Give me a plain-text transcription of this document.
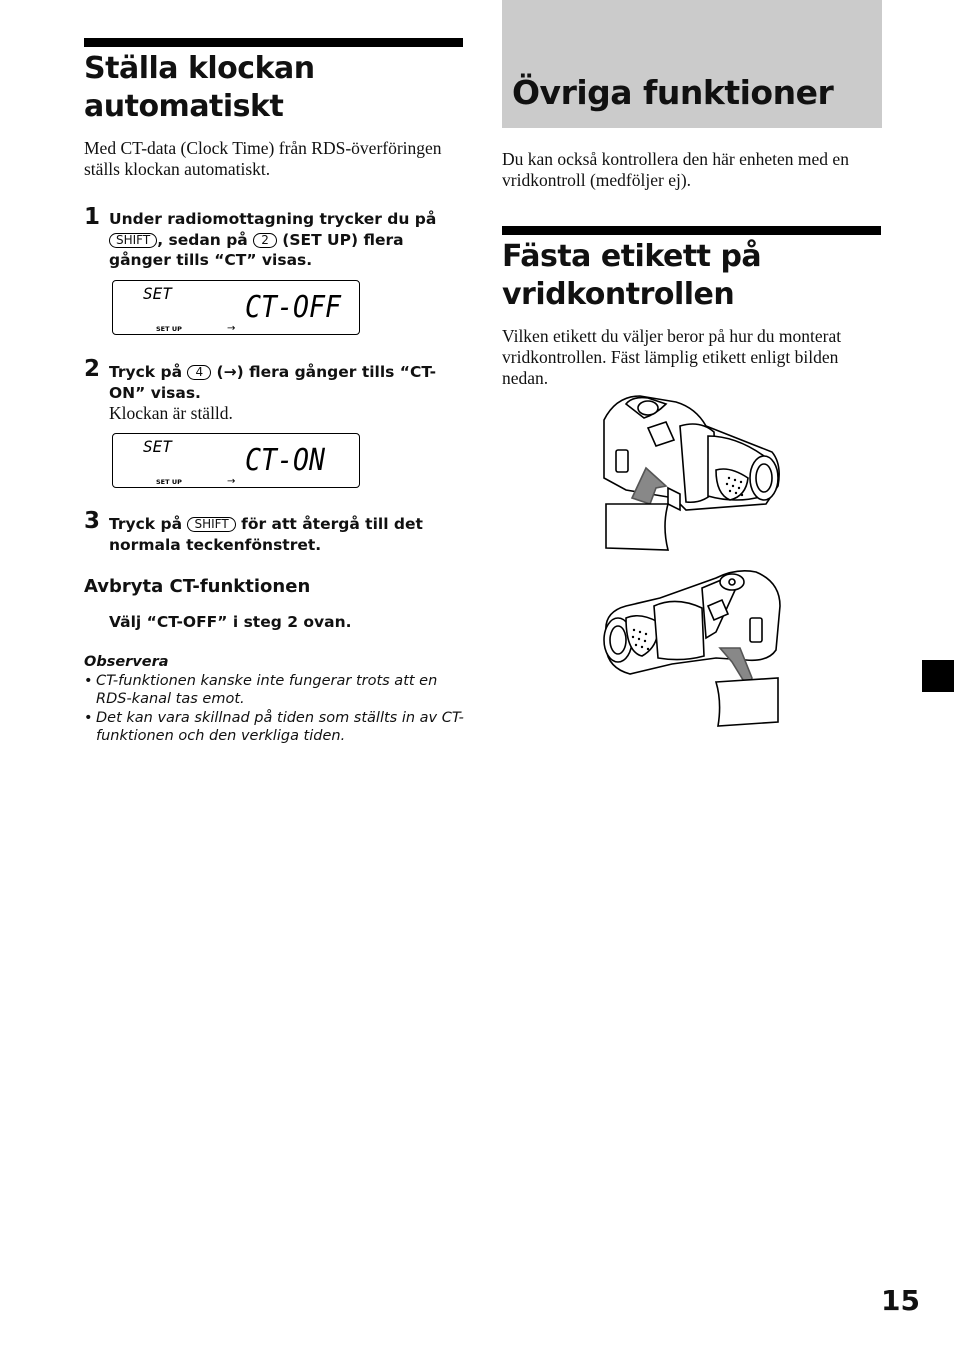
Ställa klockan automatiskt
Med CT-data (Clock Time) från RDS-överföringen ställs klockan automatiskt.
1 Under radiomottagning trycker du på
SHIFT , sedan på 2 (SET UP) flera gånger tills “CT” visas.
SET CT-OFF
SET UP	→
2 Tryck på 4 (→) flera gånger tills “CT-ON” visas.
Klockan är ställd.
SET CT-ON
SET UP	→
3 Tryck på SHIFT för att återgå till det normala teckenfönstret.
Avbryta CT-funktionen
Välj “CT-OFF” i steg 2 ovan.
Observera
• CT-funktionen kanske inte fungerar trots att en RDS-kanal tas emot.
• Det kan vara skillnad på tiden som ställts in av CT-funktionen och den verkliga tiden.
Övriga funktioner
Du kan också kontrollera den här enheten med en vridkontroll (medföljer ej).
Fästa etikett på vridkontrollen
Vilken etikett du väljer beror på hur du monterat vridkontrollen. Fäst lämplig etikett enligt bilden nedan.
15
